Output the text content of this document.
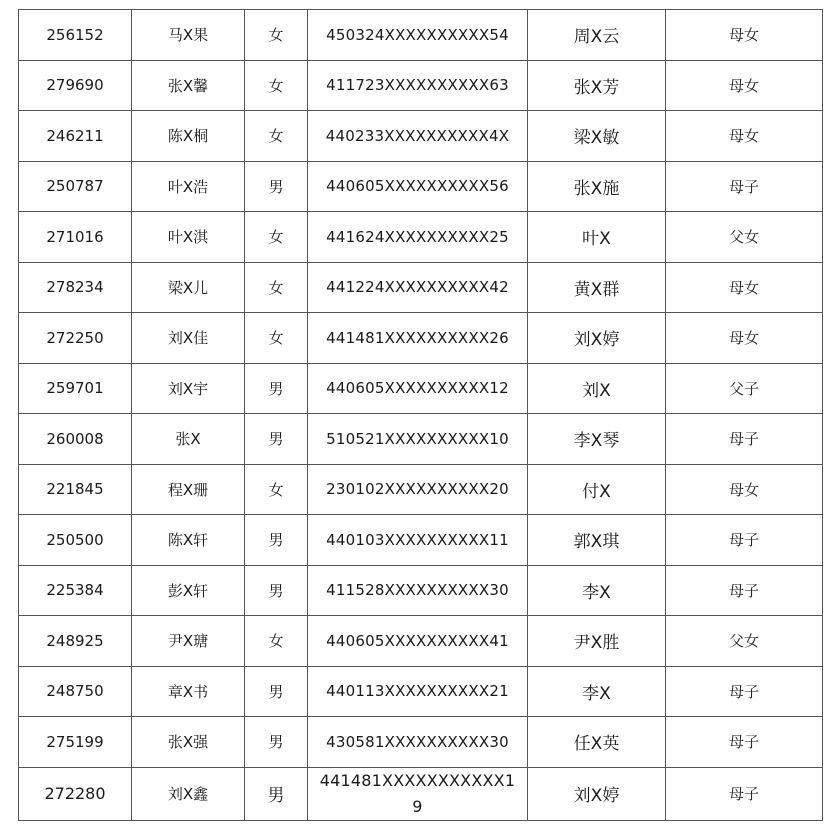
256152	马X果	女	450324XXXXXXXXXX54	周X云	母女
279690	张X馨	女	411723XXXXXXXXXX63	张X芳	母女
246211	陈X桐	女	440233XXXXXXXXXX4X	梁X敏	母女
250787	叶X浩	男	440605XXXXXXXXXX56	张X施	母子
271016	叶X淇	女	441624XXXXXXXXXX25	叶X	父女
278234	梁X儿	女	441224XXXXXXXXXX42	黄X群	母女
272250	刘X佳	女	441481XXXXXXXXXX26	刘X婷	母女
259701	刘X宇	男	440605XXXXXXXXXX12	刘X	父子
260008	张X	男	510521XXXXXXXXXX10	李X琴	母子
221845	程X珊	女	230102XXXXXXXXXX20	付X	母女
250500	陈X轩	男	440103XXXXXXXXXX11	郭X琪	母子
225384	彭X轩	男	411528XXXXXXXXXX30	李X	母子
248925	尹X瑭	女	440605XXXXXXXXXX41	尹X胜	父女
248750	章X书	男	440113XXXXXXXXXX21	李X	母子
275199	张X强	男	430581XXXXXXXXXX30	任X英	母子
272280	刘X鑫	男	441481XXXXXXXXXXX19	刘X婷	母子
